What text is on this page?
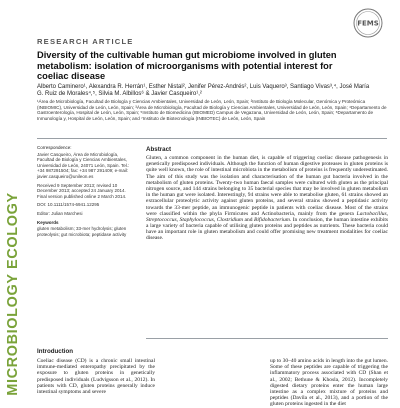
MICROBIOLOGY ECOLOGY
RESEARCH ARTICLE
FEMS
Diversity of the cultivable human gut microbiome involved in gluten metabolism: isolation of microorganisms with potential interest for coeliac disease
Alberto Caminero¹, Alexandra R. Herrán¹, Esther Nistal², Jenifer Pérez-Andrés², Luis Vaquero³, Santiago Vivas³,⁴, José María G. Ruiz de Morales⁴,⁵, Silvia M. Albillos⁶ & Javier Casqueiro¹,²
¹Área de Microbiología, Facultad de Biología y Ciencias Ambientales, Universidad de León, León, Spain; ²Instituto de Biología Molecular, Genómica y Proteómica (INBIOMIC), Universidad de León, León, Spain; ³Área de Microbiología, Facultad de Biología y Ciencias Ambientales, Universidad de León, León, Spain; ⁴Departamento de Gastroenterología, Hospital de León, León, Spain; ⁵Instituto de Biomedicina (IBIOMED) Campus de Vegazana, Universidad de León, León, Spain; ⁶Departamento de Inmunología y, Hospital de León, León, Spain; and ⁷Instituto de Biotecnología (INBIOTEC) de León, León, Spain

Correspondence:

Javier Casqueiro, Área de Microbiología, Facultad de Biología y Ciencias Ambientales, Universidad de León, 24071 León, Spain. Tel.: +34 987291504; fax: +34 987 291409; e-mail: javier.casqueiro@unileon.es

Received 9 September 2013; revised 10 December 2013; accepted 24 January 2014. Final version published online 2 March 2014.

DOI: 10.1111/1574-6941.12295

Editor: Julian Marchesi

Keywords

gluten metabolism; 33-mer hydrolysis; gluten proteolysis; gut microbiota; peptidase activity

Abstract

Gluten, a common component in the human diet, is capable of triggering coeliac disease pathogenesis in genetically predisposed individuals. Although the function of human digestive proteases in gluten proteins is quite well known, the role of intestinal microbiota in the metabolism of proteins is frequently underestimated. The aim of this study was the isolation and characterisation of the human gut bacteria involved in the metabolism of gluten proteins. Twenty-two human faecal samples were cultured with gluten as the principal nitrogen source, and 144 strains belonging to 35 bacterial species that may be involved in gluten metabolism in the human gut were isolated. Interestingly, 94 strains were able to metabolise gluten, 61 strains showed an extracellular proteolytic activity against gluten proteins, and several strains showed a peptidasic activity towards the 33-mer peptide, an immunogenic peptide in patients with coeliac disease. Most of the strains were classified within the phyla Firmicutes and Actinobacteria, mainly from the genera Lactobacillus, Streptococcus, Staphylococcus, Clostridium and Bifidobacterium. In conclusion, the human intestine exhibits a large variety of bacteria capable of utilising gluten proteins and peptides as nutrients. These bacteria could have an important role in gluten metabolism and could offer promising new treatment modalities for coeliac disease.

Introduction

Coeliac disease (CD) is a chronic small intestinal immune-mediated enteropathy precipitated by the exposure to gluten proteins in genetically predisposed individuals (Ludvigsson et al., 2012). In patients with CD, gluten proteins generally induce intestinal symptoms and severe

up to 30–40 amino acids in length into the gut lumen. Some of these peptides are capable of triggering the inflammatory process associated with CD (Shan et al., 2002; Bethune & Khosla, 2012). Incompletely digested dietary proteins enter the human large intestine as a complex mixture of proteins and peptides (Davila et al., 2013), and a portion of the gluten proteins ingested in the diet
